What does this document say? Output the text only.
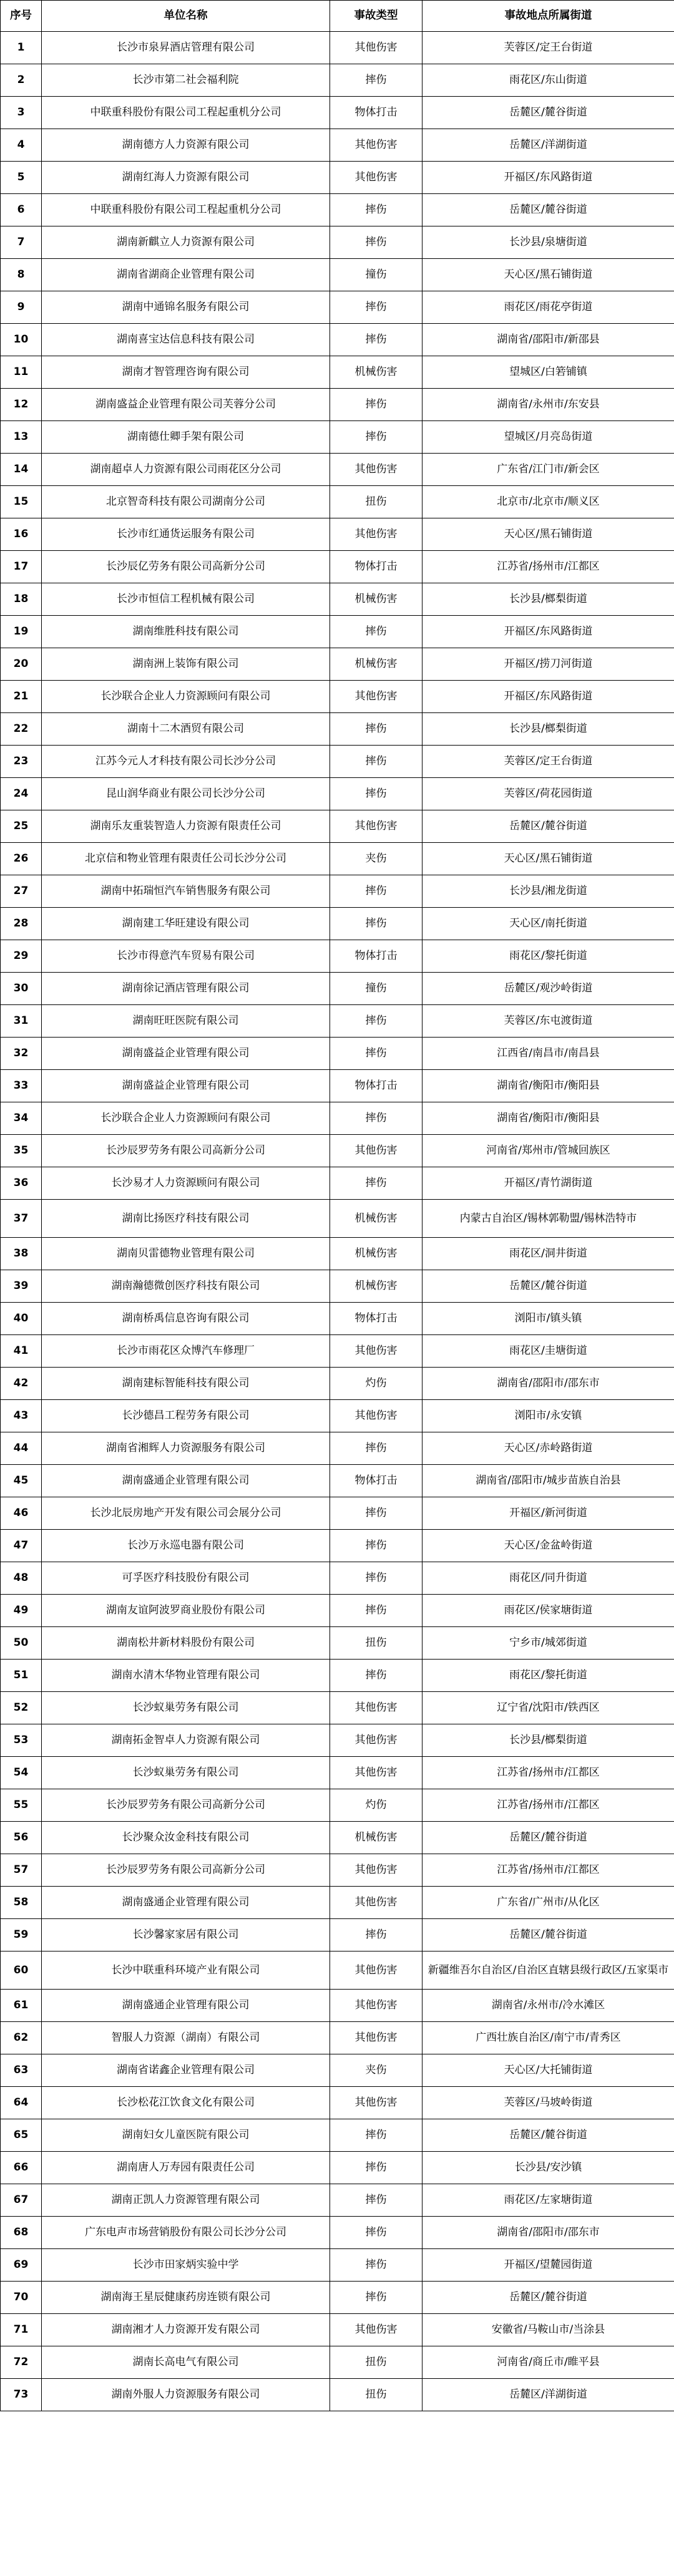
序号	单位名称	事故类型	事故地点所属街道
1	长沙市泉昇酒店管理有限公司	其他伤害	芙蓉区/定王台街道
2	长沙市第二社会福利院	摔伤	雨花区/东山街道
3	中联重科股份有限公司工程起重机分公司	物体打击	岳麓区/麓谷街道
4	湖南德方人力资源有限公司	其他伤害	岳麓区/洋湖街道
5	湖南红海人力资源有限公司	其他伤害	开福区/东风路街道
6	中联重科股份有限公司工程起重机分公司	摔伤	岳麓区/麓谷街道
7	湖南新麒立人力资源有限公司	摔伤	长沙县/泉塘街道
8	湖南省湖商企业管理有限公司	撞伤	天心区/黑石铺街道
9	湖南中通锦名服务有限公司	摔伤	雨花区/雨花亭街道
10	湖南喜宝达信息科技有限公司	摔伤	湖南省/邵阳市/新邵县
11	湖南才智管理咨询有限公司	机械伤害	望城区/白箬铺镇
12	湖南盛益企业管理有限公司芙蓉分公司	摔伤	湖南省/永州市/东安县
13	湖南德仕卿手架有限公司	摔伤	望城区/月亮岛街道
14	湖南超卓人力资源有限公司雨花区分公司	其他伤害	广东省/江门市/新会区
15	北京智奇科技有限公司湖南分公司	扭伤	北京市/北京市/顺义区
16	长沙市红通货运服务有限公司	其他伤害	天心区/黑石铺街道
17	长沙辰亿劳务有限公司高新分公司	物体打击	江苏省/扬州市/江都区
18	长沙市恒信工程机械有限公司	机械伤害	长沙县/榔梨街道
19	湖南维胜科技有限公司	摔伤	开福区/东风路街道
20	湖南洲上装饰有限公司	机械伤害	开福区/捞刀河街道
21	长沙联合企业人力资源顾问有限公司	其他伤害	开福区/东风路街道
22	湖南十二木酒贸有限公司	摔伤	长沙县/榔梨街道
23	江苏今元人才科技有限公司长沙分公司	摔伤	芙蓉区/定王台街道
24	昆山润华商业有限公司长沙分公司	摔伤	芙蓉区/荷花园街道
25	湖南乐友重装智造人力资源有限责任公司	其他伤害	岳麓区/麓谷街道
26	北京信和物业管理有限责任公司长沙分公司	夹伤	天心区/黑石铺街道
27	湖南中拓瑞恒汽车销售服务有限公司	摔伤	长沙县/湘龙街道
28	湖南建工华旺建设有限公司	摔伤	天心区/南托街道
29	长沙市得意汽车贸易有限公司	物体打击	雨花区/黎托街道
30	湖南徐记酒店管理有限公司	撞伤	岳麓区/观沙岭街道
31	湖南旺旺医院有限公司	摔伤	芙蓉区/东屯渡街道
32	湖南盛益企业管理有限公司	摔伤	江西省/南昌市/南昌县
33	湖南盛益企业管理有限公司	物体打击	湖南省/衡阳市/衡阳县
34	长沙联合企业人力资源顾问有限公司	摔伤	湖南省/衡阳市/衡阳县
35	长沙辰罗劳务有限公司高新分公司	其他伤害	河南省/郑州市/管城回族区
36	长沙易才人力资源顾问有限公司	摔伤	开福区/青竹湖街道
37	湖南比扬医疗科技有限公司	机械伤害	内蒙古自治区/锡林郭勒盟/锡林浩特市
38	湖南贝雷德物业管理有限公司	机械伤害	雨花区/洞井街道
39	湖南瀚德微创医疗科技有限公司	机械伤害	岳麓区/麓谷街道
40	湖南桥禹信息咨询有限公司	物体打击	浏阳市/镇头镇
41	长沙市雨花区众博汽车修理厂	其他伤害	雨花区/圭塘街道
42	湖南建标智能科技有限公司	灼伤	湖南省/邵阳市/邵东市
43	长沙德昌工程劳务有限公司	其他伤害	浏阳市/永安镇
44	湖南省湘辉人力资源服务有限公司	摔伤	天心区/赤岭路街道
45	湖南盛通企业管理有限公司	物体打击	湖南省/邵阳市/城步苗族自治县
46	长沙北辰房地产开发有限公司会展分公司	摔伤	开福区/新河街道
47	长沙万永巡电器有限公司	摔伤	天心区/金盆岭街道
48	可孚医疗科技股份有限公司	摔伤	雨花区/同升街道
49	湖南友谊阿波罗商业股份有限公司	摔伤	雨花区/侯家塘街道
50	湖南松井新材料股份有限公司	扭伤	宁乡市/城郊街道
51	湖南水清木华物业管理有限公司	摔伤	雨花区/黎托街道
52	长沙蚁巢劳务有限公司	其他伤害	辽宁省/沈阳市/铁西区
53	湖南拓金智卓人力资源有限公司	其他伤害	长沙县/榔梨街道
54	长沙蚁巢劳务有限公司	其他伤害	江苏省/扬州市/江都区
55	长沙辰罗劳务有限公司高新分公司	灼伤	江苏省/扬州市/江都区
56	长沙聚众汝金科技有限公司	机械伤害	岳麓区/麓谷街道
57	长沙辰罗劳务有限公司高新分公司	其他伤害	江苏省/扬州市/江都区
58	湖南盛通企业管理有限公司	其他伤害	广东省/广州市/从化区
59	长沙馨家家居有限公司	摔伤	岳麓区/麓谷街道
60	长沙中联重科环境产业有限公司	其他伤害	新疆维吾尔自治区/自治区直辖县级行政区/五家渠市
61	湖南盛通企业管理有限公司	其他伤害	湖南省/永州市/冷水滩区
62	智服人力资源（湖南）有限公司	其他伤害	广西壮族自治区/南宁市/青秀区
63	湖南省诺鑫企业管理有限公司	夹伤	天心区/大托铺街道
64	长沙松花江饮食文化有限公司	其他伤害	芙蓉区/马坡岭街道
65	湖南妇女儿童医院有限公司	摔伤	岳麓区/麓谷街道
66	湖南唐人万寿园有限责任公司	摔伤	长沙县/安沙镇
67	湖南正凯人力资源管理有限公司	摔伤	雨花区/左家塘街道
68	广东电声市场营销股份有限公司长沙分公司	摔伤	湖南省/邵阳市/邵东市
69	长沙市田家炳实验中学	摔伤	开福区/望麓园街道
70	湖南海王星辰健康药房连锁有限公司	摔伤	岳麓区/麓谷街道
71	湖南湘才人力资源开发有限公司	其他伤害	安徽省/马鞍山市/当涂县
72	湖南长高电气有限公司	扭伤	河南省/商丘市/睢平县
73	湖南外服人力资源服务有限公司	扭伤	岳麓区/洋湖街道
